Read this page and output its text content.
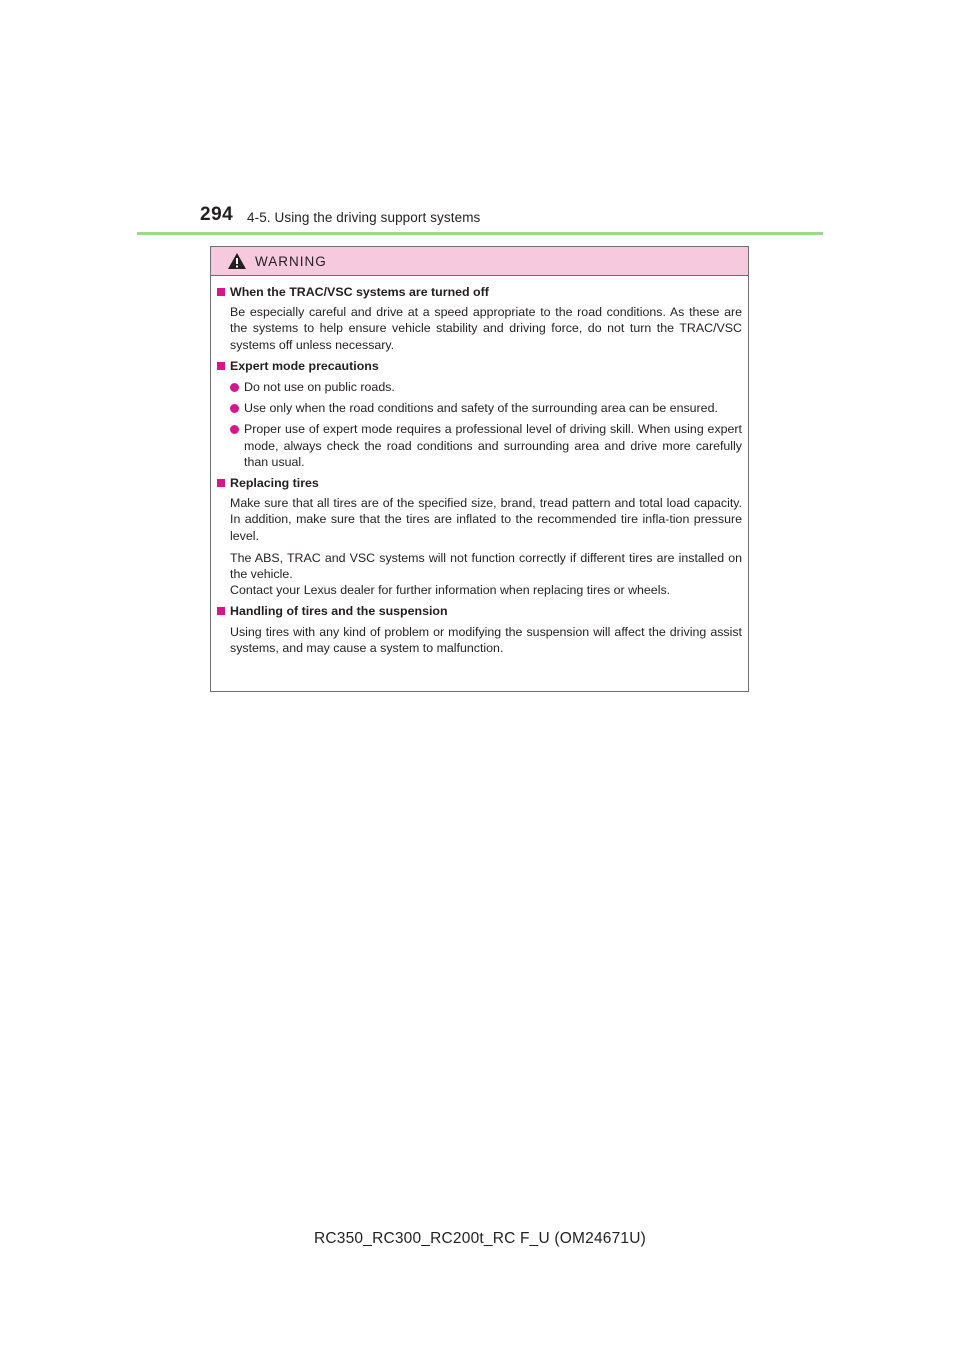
294 4-5. Using the driving support systems
WARNING
When the TRAC/VSC systems are turned off
Be especially careful and drive at a speed appropriate to the road conditions. As these are the systems to help ensure vehicle stability and driving force, do not turn the TRAC/VSC systems off unless necessary.
Expert mode precautions
Do not use on public roads.
Use only when the road conditions and safety of the surrounding area can be ensured.
Proper use of expert mode requires a professional level of driving skill. When using expert mode, always check the road conditions and surrounding area and drive more carefully than usual.
Replacing tires
Make sure that all tires are of the specified size, brand, tread pattern and total load capacity. In addition, make sure that the tires are inflated to the recommended tire infla-tion pressure level.
The ABS, TRAC and VSC systems will not function correctly if different tires are installed on the vehicle.
Contact your Lexus dealer for further information when replacing tires or wheels.
Handling of tires and the suspension
Using tires with any kind of problem or modifying the suspension will affect the driving assist systems, and may cause a system to malfunction.
RC350_RC300_RC200t_RC F_U (OM24671U)
